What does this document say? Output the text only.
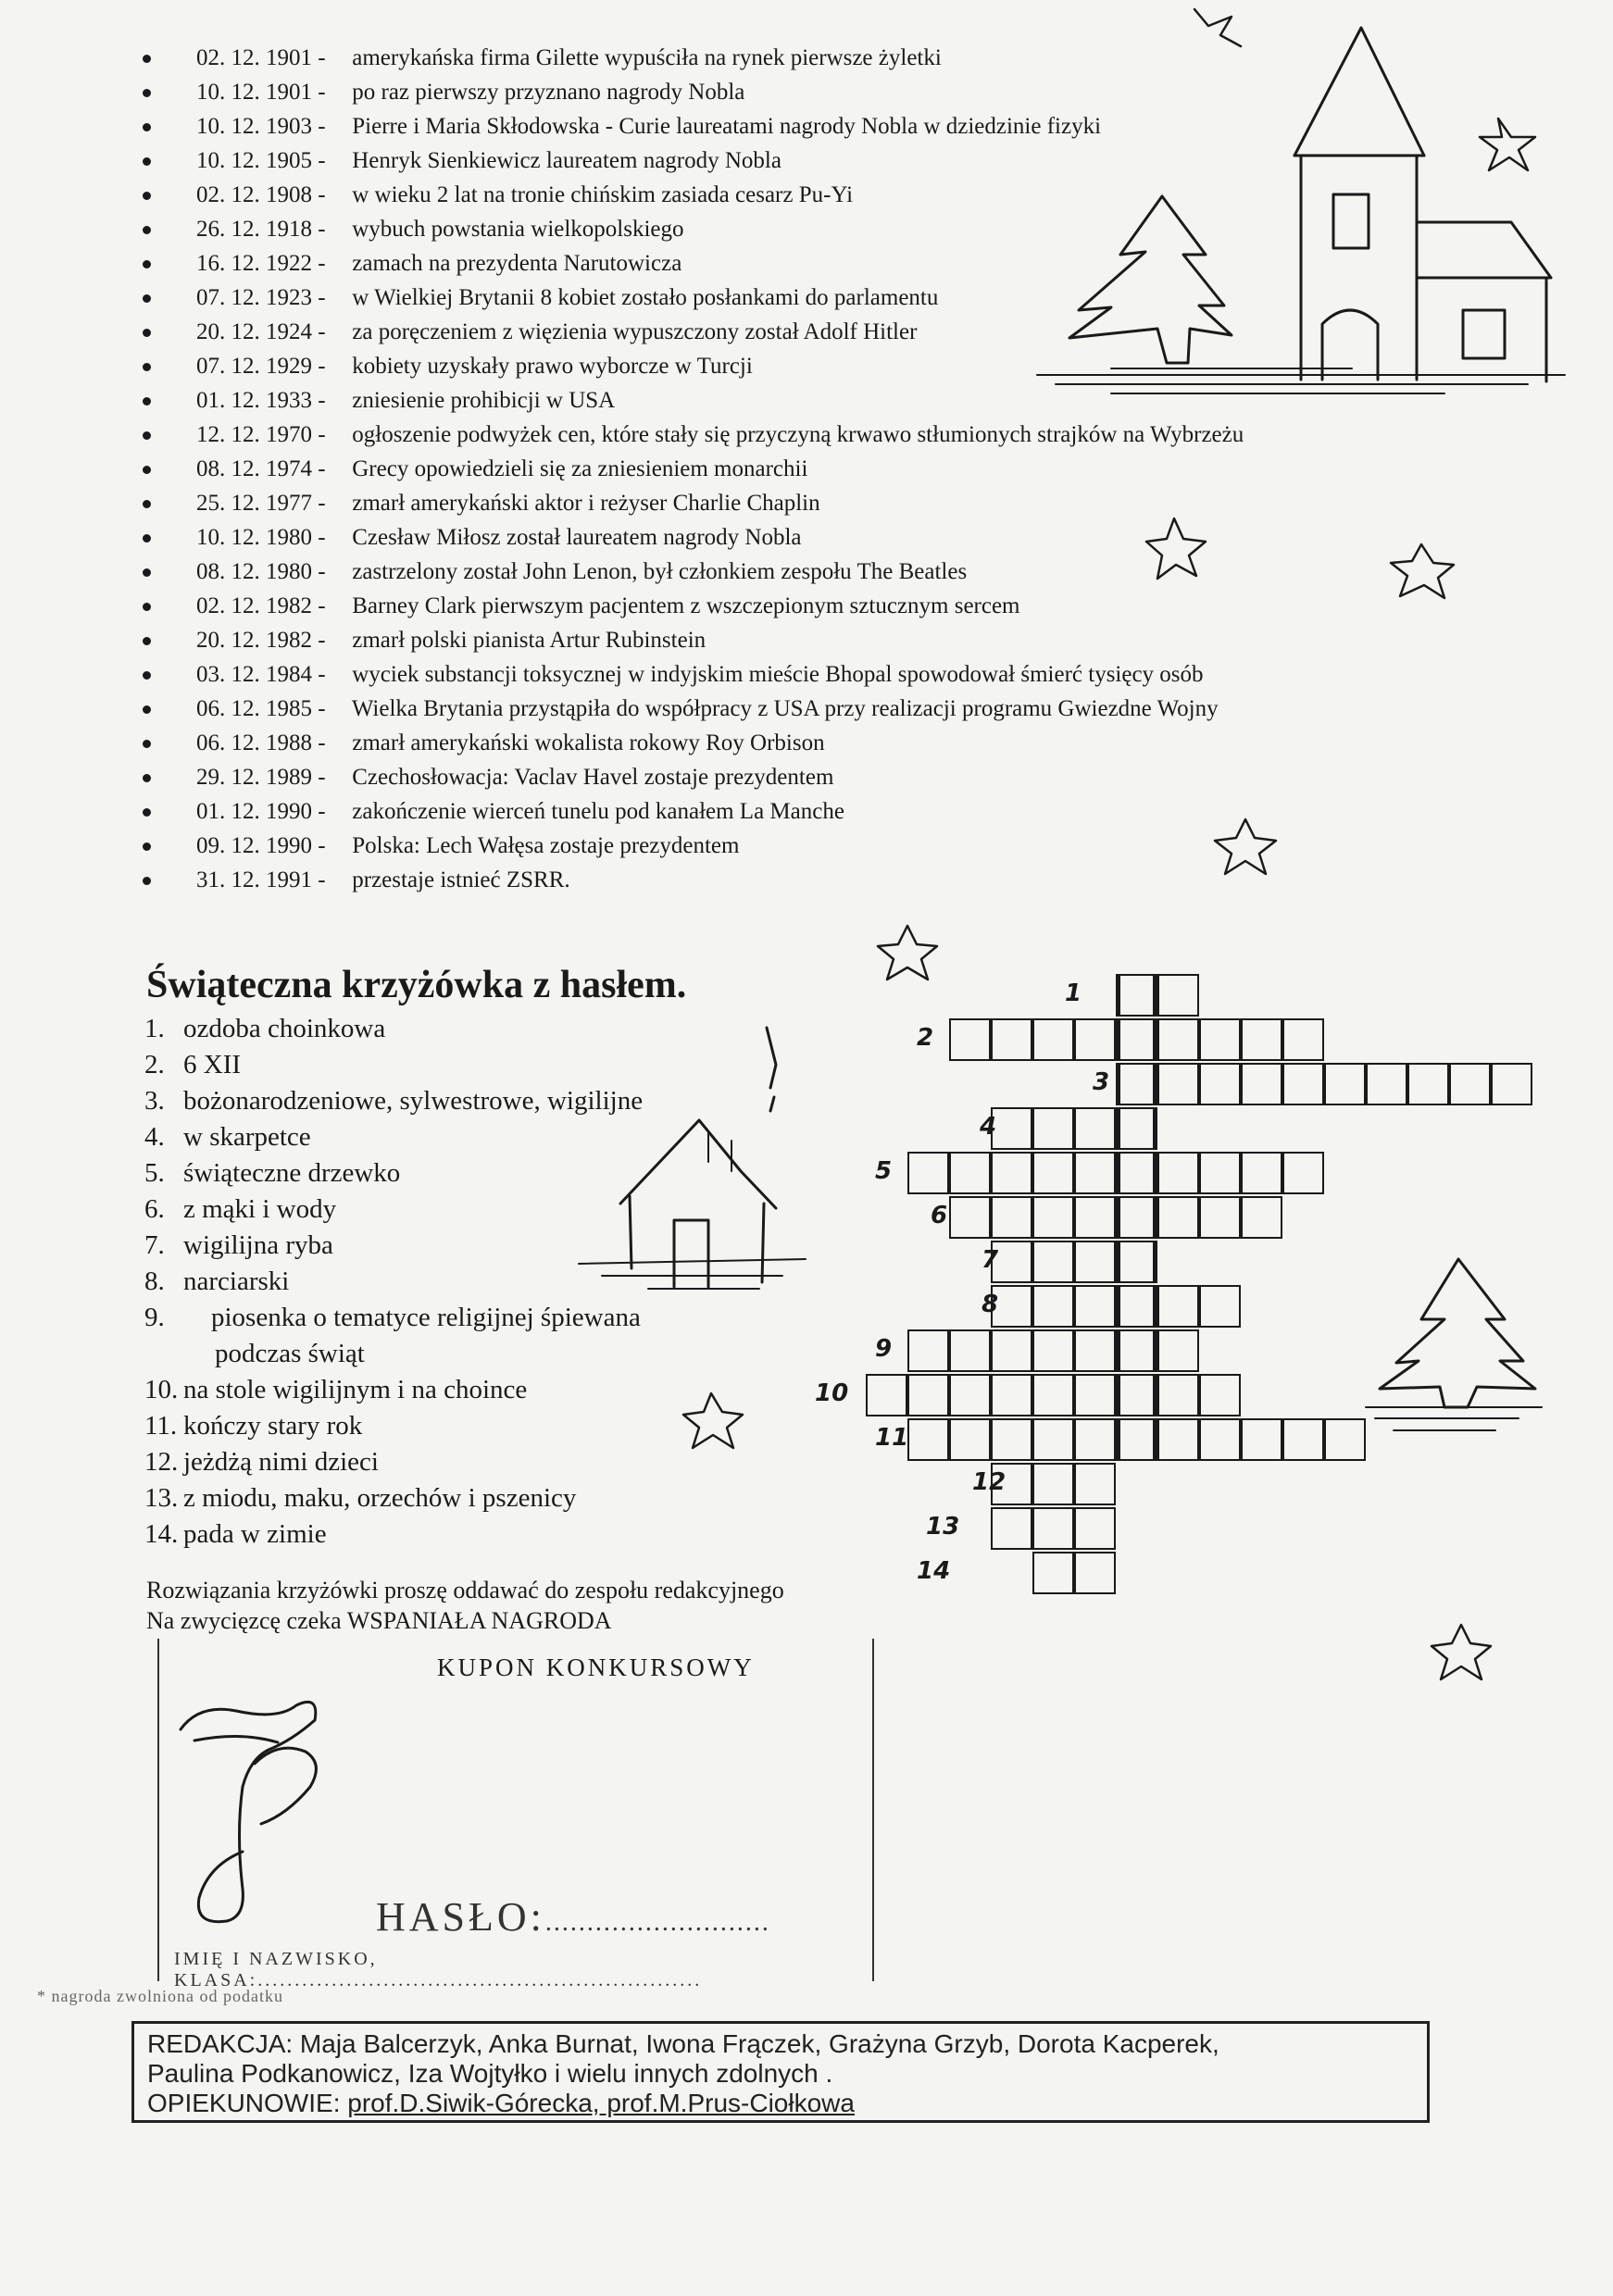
02. 12. 1901 - amerykańska firma Gilette wypuściła na rynek pierwsze żyletki
10. 12. 1901 - po raz pierwszy przyznano nagrody Nobla
10. 12. 1903 - Pierre i Maria Skłodowska - Curie laureatami nagrody Nobla w dziedzinie fizyki
10. 12. 1905 - Henryk Sienkiewicz laureatem nagrody Nobla
02. 12. 1908 - w wieku 2 lat na tronie chińskim zasiada cesarz Pu-Yi
26. 12. 1918 - wybuch powstania wielkopolskiego
16. 12. 1922 - zamach na prezydenta Narutowicza
07. 12. 1923 - w Wielkiej Brytanii 8 kobiet zostało posłankami do parlamentu
20. 12. 1924 - za poręczeniem z więzienia wypuszczony został Adolf Hitler
07. 12. 1929 - kobiety uzyskały prawo wyborcze w Turcji
01. 12. 1933 - zniesienie prohibicji w USA
12. 12. 1970 - ogłoszenie podwyżek cen, które stały się przyczyną krwawo stłumionych strajków na Wybrzeżu
08. 12. 1974 - Grecy opowiedzieli się za zniesieniem monarchii
25. 12. 1977 - zmarł amerykański aktor i reżyser Charlie Chaplin
10. 12. 1980 - Czesław Miłosz został laureatem nagrody Nobla
08. 12. 1980 - zastrzelony został John Lenon, był członkiem zespołu The Beatles
02. 12. 1982 - Barney Clark pierwszym pacjentem z wszczepionym sztucznym sercem
20. 12. 1982 - zmarł polski pianista Artur Rubinstein
03. 12. 1984 - wyciek substancji toksycznej w indyjskim mieście Bhopal spowodował śmierć tysięcy osób
06. 12. 1985 - Wielka Brytania przystąpiła do współpracy z USA przy realizacji programu Gwiezdne Wojny
06. 12. 1988 - zmarł amerykański wokalista rokowy Roy Orbison
29. 12. 1989 - Czechosłowacja: Vaclav Havel zostaje prezydentem
01. 12. 1990 - zakończenie wierceń tunelu pod kanałem La Manche
09. 12. 1990 - Polska: Lech Wałęsa zostaje prezydentem
31. 12. 1991 - przestaje istnieć ZSRR.
1
2
3
4
5
6
7
8
9
10
11
12
13
14
Świąteczna krzyżówka z hasłem.
1. ozdoba choinkowa
2. 6 XII
3. bożonarodzeniowe, sylwestrowe, wigilijne
4. w skarpetce
5. świąteczne drzewko
6. z mąki i wody
7. wigilijna ryba
8. narciarski
9. piosenka o tematyce religijnej śpiewana
podczas świąt
10. na stole wigilijnym i na choince
11. kończy stary rok
12. jeżdżą nimi dzieci
13. z miodu, maku, orzechów i pszenicy
14. pada w zimie

Rozwiązania krzyżówki proszę oddawać do zespołu redakcyjnego
Na zwycięzcę czeka WSPANIAŁA NAGRODA

KUPON KONKURSOWY
HASŁO:...........................
IMIĘ I NAZWISKO, KLASA:............................................................
* nagroda zwolniona od podatku
REDAKCJA: Maja Balcerzyk, Anka Burnat, Iwona Frączek, Grażyna Grzyb, Dorota Kacperek,
Paulina Podkanowicz, Iza Wojtyłko i wielu innych zdolnych .
OPIEKUNOWIE: prof.D.Siwik-Górecka, prof.M.Prus-Ciołkowa
